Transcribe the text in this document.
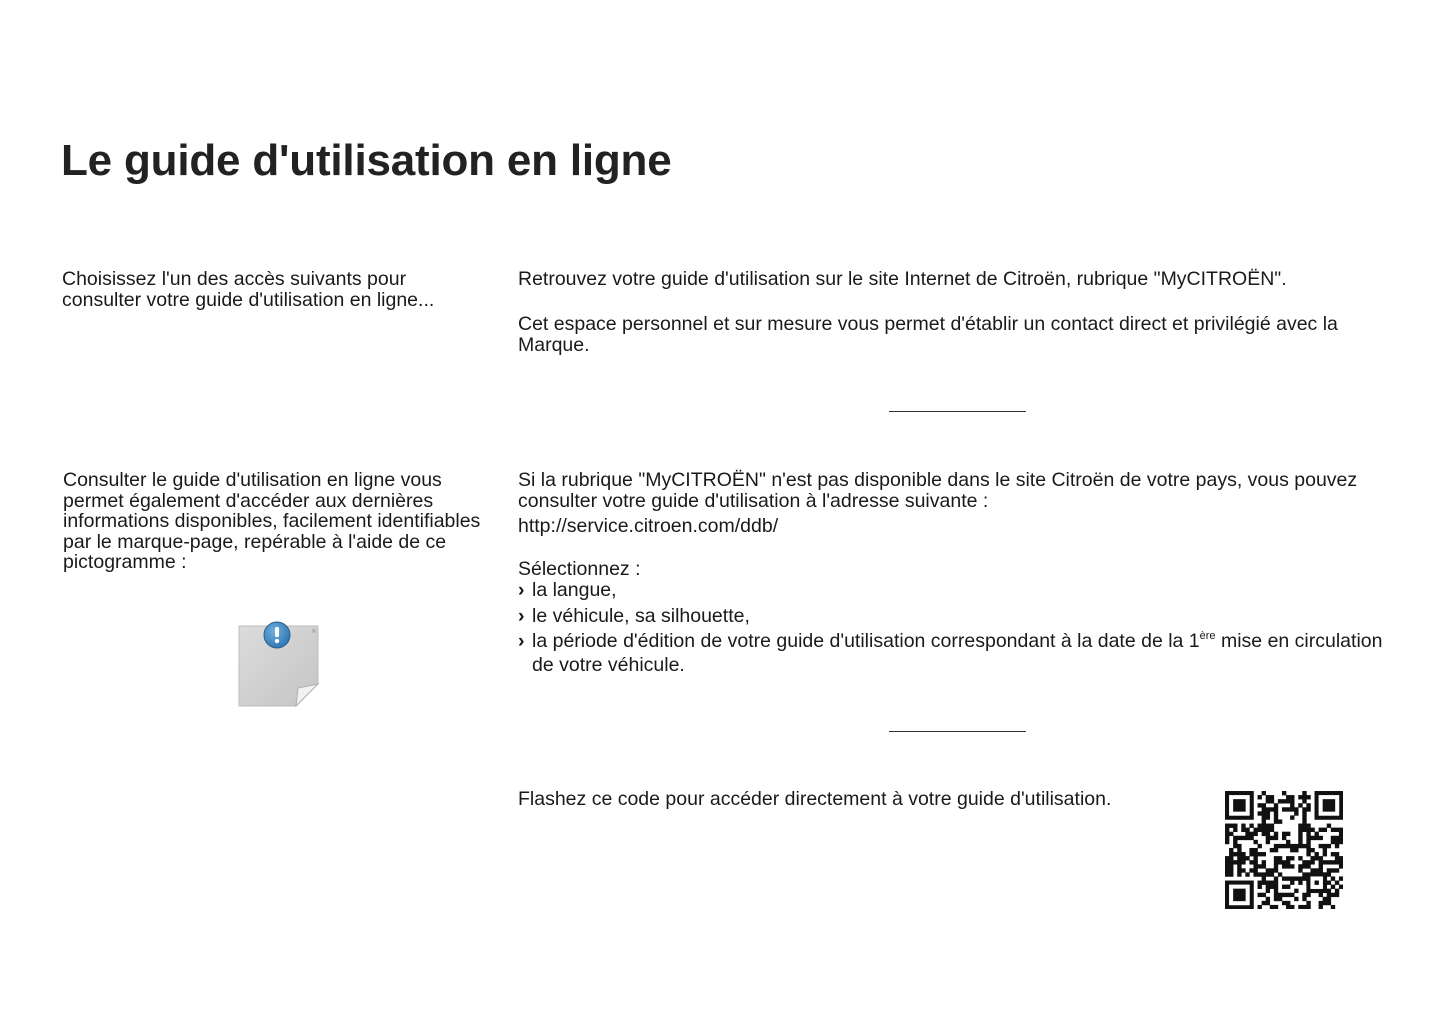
Le guide d'utilisation en ligne
Choisissez l'un des accès suivants pour
consulter votre guide d'utilisation en ligne...
Retrouvez votre guide d'utilisation sur le site Internet de Citroën, rubrique "MyCITROËN".
Cet espace personnel et sur mesure vous permet d'établir un contact direct et privilégié avec la
Marque.
Consulter le guide d'utilisation en ligne vous
permet également d'accéder aux dernières
informations disponibles, facilement identifiables
par le marque-page, repérable à l'aide de ce
pictogramme :
×
Si la rubrique "MyCITROËN" n'est pas disponible dans le site Citroën de votre pays, vous pouvez
consulter votre guide d'utilisation à l'adresse suivante :
http://service.citroen.com/ddb/
Sélectionnez :
› la langue,
› le véhicule, sa silhouette,
› la période d'édition de votre guide d'utilisation correspondant à la date de la 1ère mise en circulation
de votre véhicule.
Flashez ce code pour accéder directement à votre guide d'utilisation.
